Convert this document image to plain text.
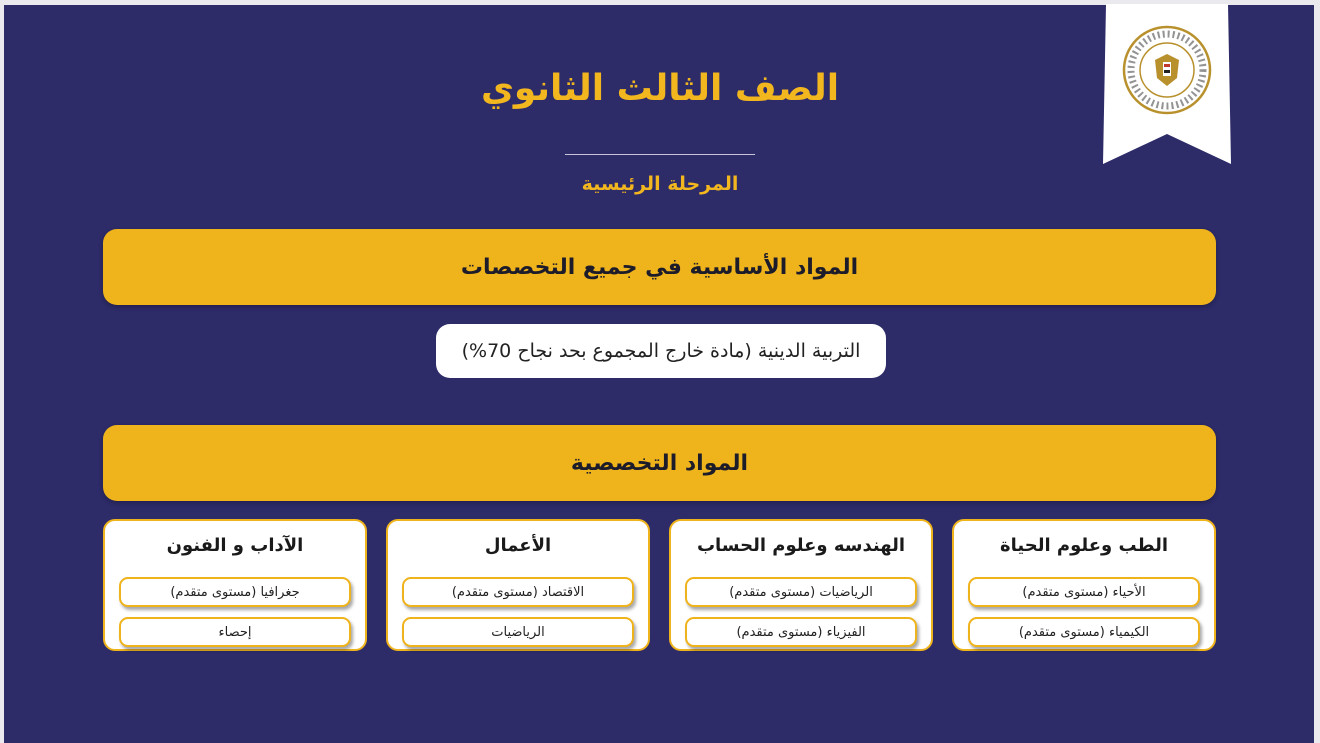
الصف الثالث الثانوي
المرحلة الرئيسية
المواد الأساسية في جميع التخصصات
التربية الدينية (مادة خارج المجموع بحد نجاح 70%)
المواد التخصصية
الطب وعلوم الحياة
الأحياء (مستوى متقدم)
الكيمياء (مستوى متقدم)
الهندسه وعلوم الحساب
الرياضيات (مستوى متقدم)
الفيزياء (مستوى متقدم)
الأعمال
الاقتصاد (مستوى متقدم)
الرياضيات
الآداب و الفنون
جغرافيا (مستوى متقدم)
إحصاء
